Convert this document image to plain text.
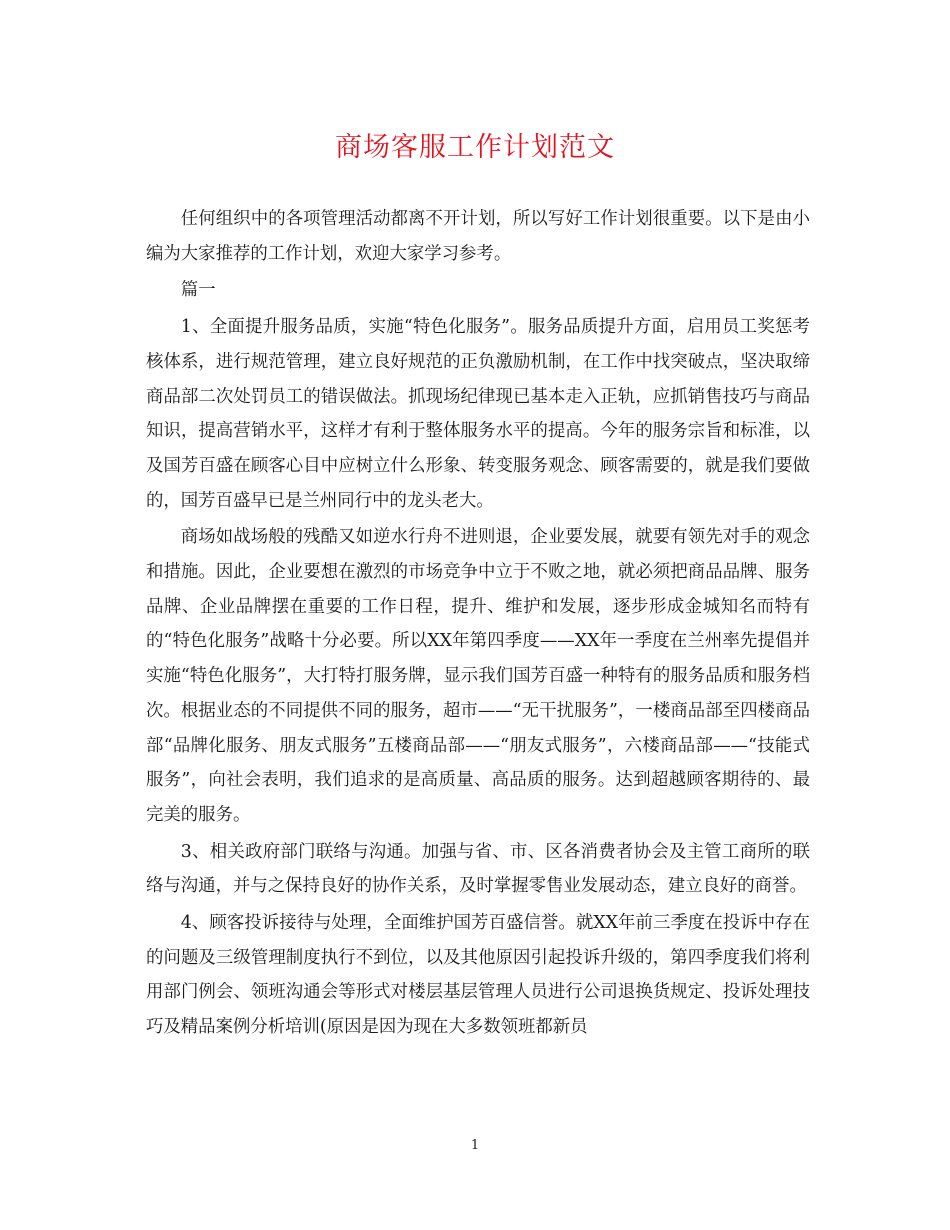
商场客服工作计划范文

任何组织中的各项管理活动都离不开计划，所以写好工作计划很重要。以下是由小编为大家推荐的工作计划，欢迎大家学习参考。

篇一

1、全面提升服务品质，实施“特色化服务”。服务品质提升方面，启用员工奖惩考核体系，进行规范管理，建立良好规范的正负激励机制，在工作中找突破点，坚决取缔商品部二次处罚员工的错误做法。抓现场纪律现已基本走入正轨，应抓销售技巧与商品知识，提高营销水平，这样才有利于整体服务水平的提高。今年的服务宗旨和标准，以及国芳百盛在顾客心目中应树立什么形象、转变服务观念、顾客需要的，就是我们要做的，国芳百盛早已是兰州同行中的龙头老大。

商场如战场般的残酷又如逆水行舟不进则退，企业要发展，就要有领先对手的观念和措施。因此，企业要想在激烈的市场竞争中立于不败之地，就必须把商品品牌、服务品牌、企业品牌摆在重要的工作日程，提升、维护和发展，逐步形成金城知名而特有的“特色化服务”战略十分必要。所以XX年第四季度——XX年一季度在兰州率先提倡并实施“特色化服务”，大打特打服务牌，显示我们国芳百盛一种特有的服务品质和服务档次。根据业态的不同提供不同的服务，超市——“无干扰服务”，一楼商品部至四楼商品部“品牌化服务、朋友式服务”五楼商品部——“朋友式服务”，六楼商品部——“技能式服务”，向社会表明，我们追求的是高质量、高品质的服务。达到超越顾客期待的、最完美的服务。

3、相关政府部门联络与沟通。加强与省、市、区各消费者协会及主管工商所的联络与沟通，并与之保持良好的协作关系，及时掌握零售业发展动态，建立良好的商誉。

4、顾客投诉接待与处理，全面维护国芳百盛信誉。就XX年前三季度在投诉中存在的问题及三级管理制度执行不到位，以及其他原因引起投诉升级的，第四季度我们将利用部门例会、领班沟通会等形式对楼层基层管理人员进行公司退换货规定、投诉处理技巧及精品案例分析培训(原因是因为现在大多数领班都新员

1
